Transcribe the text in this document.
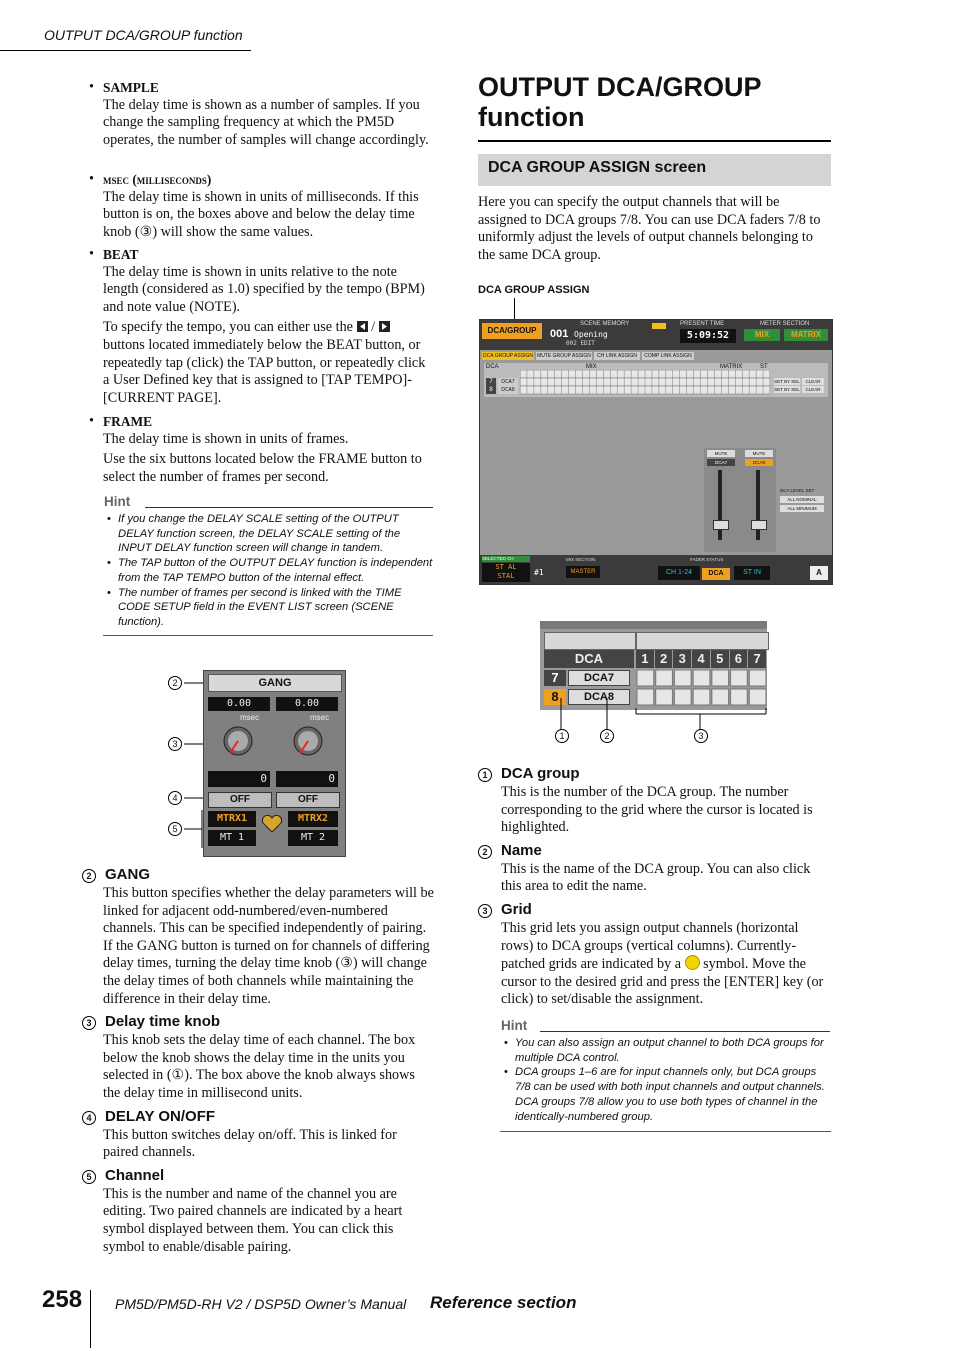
OUTPUT DCA/GROUP function
• SAMPLE
The delay time is shown as a number of samples. If you change the sampling frequency at which the PM5D operates, the number of samples will change accordingly.
• msec (milliseconds)
The delay time is shown in units of milliseconds. If this button is on, the boxes above and below the delay time knob (③) will show the same values.
• BEAT
The delay time is shown in units relative to the note length (considered as 1.0) specified by the tempo (BPM) and note value (NOTE).
To specify the tempo, you can either use the /
buttons located immediately below the BEAT button, or repeatedly tap (click) the TAP button, or repeatedly click a User Defined key that is assigned to [TAP TEMPO]-[CURRENT PAGE].
• FRAME
The delay time is shown in units of frames.
Use the six buttons located below the FRAME button to select the number of frames per second.
Hint
• If you change the DELAY SCALE setting of the OUTPUT DELAY function screen, the DELAY SCALE setting of the INPUT DELAY function screen will change in tandem.
• The TAP button of the OUTPUT DELAY function is independent from the TAP TEMPO button of the internal effect.
• The number of frames per second is linked with the TIME CODE SETUP field in the EVENT LIST screen (SCENE function).
2
3
4
5
GANG
0.00
msec
0
OFF
MTRX1
MT 1
0.00
msec
0
OFF
MTRX2
MT 2
2 GANG
This button specifies whether the delay parameters will be linked for adjacent odd-numbered/even-numbered channels. This can be specified independently of pairing. If the GANG button is turned on for channels of differing delay times, turning the delay time knob (③) will change the delay times of both channels while maintaining the difference in their delay time.
3 Delay time knob
This knob sets the delay time of each channel. The box below the knob shows the delay time in the units you selected in (①). The box above the knob always shows the delay time in millisecond units.
4 DELAY ON/OFF
This button switches delay on/off. This is linked for paired channels.
5 Channel
This is the number and name of the channel you are editing. Two paired channels are indicated by a heart symbol displayed between them. You can click this symbol to enable/disable pairing.
OUTPUT DCA/GROUP function
DCA GROUP ASSIGN screen
Here you can specify the output channels that will be assigned to DCA groups 7/8. You can use DCA faders 7/8 to uniformly adjust the levels of output channels belonging to the same DCA group.
DCA GROUP ASSIGN
DCA/GROUP
SCENE MEMORY
001 Opening
002 EDIT
PRESENT TIME
5:09:52
METER SECTION
MIX	MATRIX
DCA GROUP ASSIGN MUTE GROUP ASSIGN	CH LINK ASSIGN	COMP LINK ASSIGN
DCA	MIX	MATRIX	ST
7	DCA7
8	DCA8
SET BY SEL	CLEAR
SET BY SEL	CLEAR
MUTE	MUTE
DCA7	DCA8
DCA LEVEL SET
ALL NOMINAL
ALL MINIMUM
SELECTED CH
ST AL
STAL	#1
MIX SECTION
MASTER
FADER STATUS
CH 1-24	DCA	ST IN	A
DCA	1 2 3 4 5 6 7
7	DCA7
8	DCA8
1	2	3
1 DCA group
This is the number of the DCA group. The number corresponding to the grid where the cursor is located is highlighted.
2 Name
This is the name of the DCA group. You can also click this area to edit the name.
3 Grid
This grid lets you assign output channels (horizontal rows) to DCA groups (vertical columns). Currently-patched grids are indicated by a symbol. Move the cursor to the desired grid and press the [ENTER] key (or click) to set/disable the assignment.
Hint
• You can also assign an output channel to both DCA groups for multiple DCA control.
• DCA groups 1–6 are for input channels only, but DCA groups 7/8 can be used with both input channels and output channels. DCA groups 7/8 allow you to use both types of channel in the identically-numbered group.
258 PM5D/PM5D-RH V2 / DSP5D Owner’s Manual Reference section
